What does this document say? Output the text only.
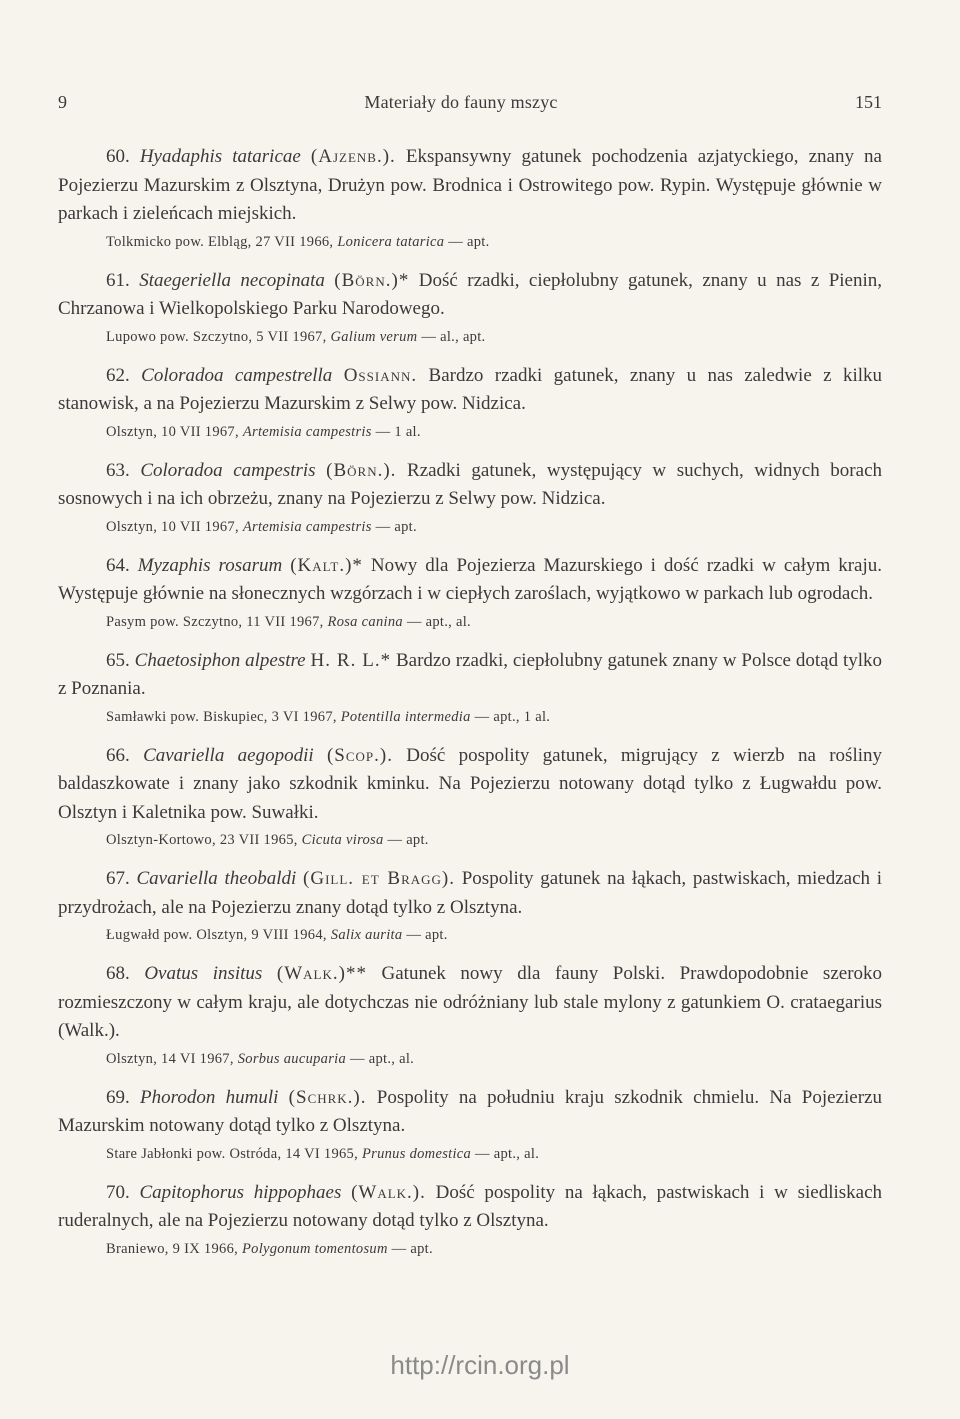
9	Materiały do fauny mszyc	151

60. Hyadaphis tataricae (Ajzenb.). Ekspansywny gatunek pochodzenia azjatyckiego, znany na Pojezierzu Mazurskim z Olsztyna, Drużyn pow. Brodnica i Ostrowitego pow. Rypin. Występuje głównie w parkach i zieleńcach miejskich.

Tolkmicko pow. Elbląg, 27 VII 1966, Lonicera tatarica — apt.

61. Staegeriella necopinata (Börn.)* Dość rzadki, ciepłolubny gatunek, znany u nas z Pienin, Chrzanowa i Wielkopolskiego Parku Narodowego.

Lupowo pow. Szczytno, 5 VII 1967, Galium verum — al., apt.

62. Coloradoa campestrella Ossiann. Bardzo rzadki gatunek, znany u nas zaledwie z kilku stanowisk, a na Pojezierzu Mazurskim z Selwy pow. Nidzica.

Olsztyn, 10 VII 1967, Artemisia campestris — 1 al.

63. Coloradoa campestris (Börn.). Rzadki gatunek, występujący w suchych, widnych borach sosnowych i na ich obrzeżu, znany na Pojezierzu z Selwy pow. Nidzica.

Olsztyn, 10 VII 1967, Artemisia campestris — apt.

64. Myzaphis rosarum (Kalt.)* Nowy dla Pojezierza Mazurskiego i dość rzadki w całym kraju. Występuje głównie na słonecznych wzgórzach i w ciepłych zaroślach, wyjątkowo w parkach lub ogrodach.

Pasym pow. Szczytno, 11 VII 1967, Rosa canina — apt., al.

65. Chaetosiphon alpestre H. R. L.* Bardzo rzadki, ciepłolubny gatunek znany w Polsce dotąd tylko z Poznania.

Samławki pow. Biskupiec, 3 VI 1967, Potentilla intermedia — apt., 1 al.

66. Cavariella aegopodii (Scop.). Dość pospolity gatunek, migrujący z wierzb na rośliny baldaszkowate i znany jako szkodnik kminku. Na Pojezierzu notowany dotąd tylko z Ługwałdu pow. Olsztyn i Kaletnika pow. Suwałki.

Olsztyn-Kortowo, 23 VII 1965, Cicuta virosa — apt.

67. Cavariella theobaldi (Gill. et Bragg). Pospolity gatunek na łąkach, pastwiskach, miedzach i przydrożach, ale na Pojezierzu znany dotąd tylko z Olsztyna.

Ługwałd pow. Olsztyn, 9 VIII 1964, Salix aurita — apt.

68. Ovatus insitus (Walk.)** Gatunek nowy dla fauny Polski. Prawdopodobnie szeroko rozmieszczony w całym kraju, ale dotychczas nie odróżniany lub stale mylony z gatunkiem O. crataegarius (Walk.).

Olsztyn, 14 VI 1967, Sorbus aucuparia — apt., al.

69. Phorodon humuli (Schrk.). Pospolity na południu kraju szkodnik chmielu. Na Pojezierzu Mazurskim notowany dotąd tylko z Olsztyna.

Stare Jabłonki pow. Ostróda, 14 VI 1965, Prunus domestica — apt., al.

70. Capitophorus hippophaes (Walk.). Dość pospolity na łąkach, pastwiskach i w siedliskach ruderalnych, ale na Pojezierzu notowany dotąd tylko z Olsztyna.

Braniewo, 9 IX 1966, Polygonum tomentosum — apt.
http://rcin.org.pl
